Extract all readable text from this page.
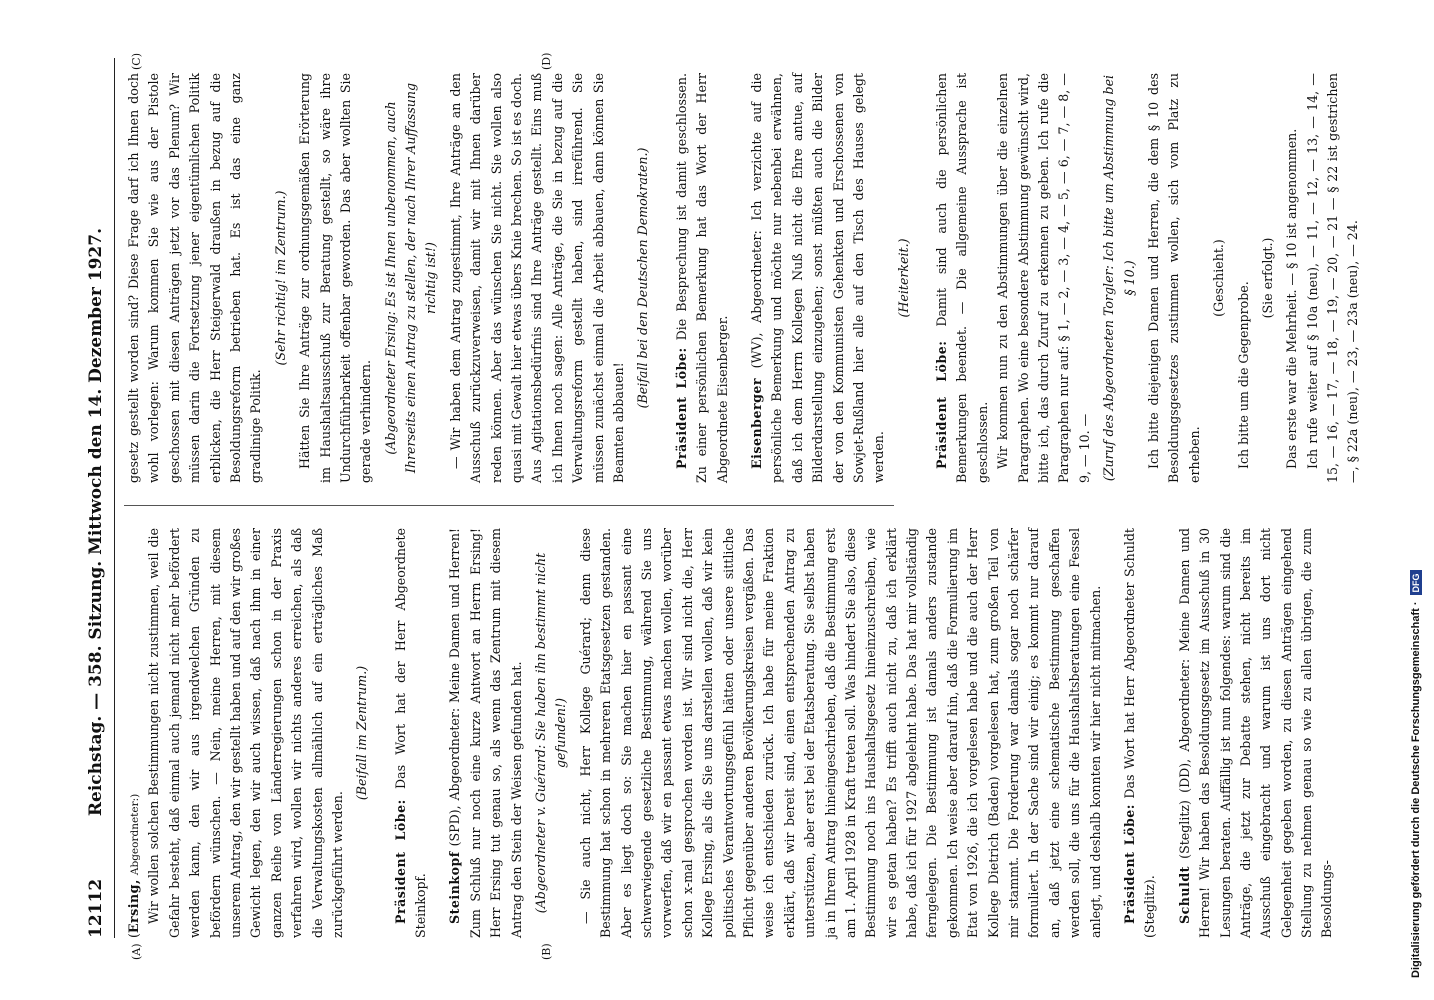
12112
Reichstag. — 358. Sitzung. Mittwoch den 14. Dezember 1927.
(A)	(B)
(C)	(D)

(Ersing, Abgeordneter:) Wir wollen solchen Bestimmungen nicht zustimmen, weil die Gefahr besteht, daß einmal auch jemand nicht mehr befördert werden kann, den wir aus irgendwelchen Gründen zu befördern wünschen. — Nein, meine Herren, mit diesem unserem Antrag, den wir gestellt haben und auf den wir großes Gewicht legen, den wir auch wissen, daß nach ihm in einer ganzen Reihe von Länderregierungen schon in der Praxis verfahren wird, wollen wir nichts anderes erreichen, als daß die Verwaltungskosten allmählich auf ein erträgliches Maß zurückgeführt werden.

(Beifall im Zentrum.)

Präsident Löbe: Das Wort hat der Herr Abgeordnete Steinkopf. Steinkopf (SPD), Abgeordneter: Meine Damen und Herren! Zum Schluß nur noch eine kurze Antwort an Herrn Ersing! Herr Ersing tut genau so, als wenn das Zentrum mit diesem Antrag den Stein der Weisen gefunden hat. (Abgeordneter v. Guérard: Sie haben ihn bestimmt nicht gefunden!) — Sie auch nicht, Herr Kollege Guérard; denn diese Bestimmung hat schon in mehreren Etatsgesetzen gestanden. Aber es liegt doch so: Sie machen hier en passant eine schwerwiegende gesetzliche Bestimmung, während Sie uns vorwerfen, daß wir en passant etwas machen wollen, worüber schon x-mal gesprochen worden ist. Wir sind nicht die, Herr Kollege Ersing, als die Sie uns darstellen wollen, daß wir kein politisches Verantwortungsgefühl hätten oder unsere sittliche Pflicht gegenüber anderen Bevölkerungskreisen vergäßen. Das weise ich entschieden zurück. Ich habe für meine Fraktion erklärt, daß wir bereit sind, einen entsprechenden Antrag zu unterstützen, aber erst bei der Etatsberatung. Sie selbst haben ja in Ihrem Antrag hineingeschrieben, daß die Bestimmung erst am 1. April 1928 in Kraft treten soll. Was hindert Sie also, diese Bestimmung noch ins Haushaltsgesetz hineinzuschreiben, wie wir es getan haben? Es trifft auch nicht zu, daß ich erklärt habe, daß ich für 1927 abgelehnt habe. Das hat mir vollständig ferngelegen. Die Bestimmung ist damals anders zustande gekommen. Ich weise aber darauf hin, daß die Formulierung im Etat von 1926, die ich vorgelesen habe und die auch der Herr Kollege Dietrich (Baden) vorgelesen hat, zum großen Teil von mir stammt. Die Forderung war damals sogar noch schärfer formuliert. In der Sache sind wir einig; es kommt nur darauf an, daß jetzt eine schematische Bestimmung geschaffen werden soll, die uns für die Haushaltsberatungen eine Fessel anlegt, und deshalb konnten wir hier nicht mitmachen. Präsident Löbe: Das Wort hat Herr Abgeordneter Schuldt (Steglitz). Schuldt (Steglitz) (DD), Abgeordneter: Meine Damen und Herren! Wir haben das Besoldungsgesetz im Ausschuß in 30 Lesungen beraten. Auffällig ist nun folgendes: warum sind die Anträge, die jetzt zur Debatte stehen, nicht bereits im Ausschuß eingebracht und warum ist uns dort nicht Gelegenheit gegeben worden, zu diesen Anträgen eingehend Stellung zu nehmen genau so wie zu allen übrigen, die zum Besoldungs-

gesetz gestellt worden sind? Diese Frage darf ich Ihnen doch wohl vorlegen: Warum kommen Sie wie aus der Pistole geschossen mit diesen Anträgen jetzt vor das Plenum? Wir müssen darin die Fortsetzung jener eigentümlichen Politik erblicken, die Herr Steigerwald draußen in bezug auf die Besoldungsreform betrieben hat. Es ist das eine ganz gradlinige Politik.

(Sehr richtig! im Zentrum.) Hätten Sie Ihre Anträge zur ordnungsgemäßen Erörterung im Haushaltsausschuß zur Beratung gestellt, so wäre ihre Undurchführbarkeit offenbar geworden. Das aber wollten Sie gerade verhindern. (Abgeordneter Ersing: Es ist Ihnen unbenommen, auch Ihrerseits einen Antrag zu stellen, der nach Ihrer Auffassung richtig ist!) — Wir haben dem Antrag zugestimmt, Ihre Anträge an den Ausschuß zurückzuverweisen, damit wir mit Ihnen darüber reden können. Aber das wünschen Sie nicht. Sie wollen also quasi mit Gewalt hier etwas übers Knie brechen. So ist es doch. Aus Agitationsbedürfnis sind Ihre Anträge gestellt. Eins muß ich Ihnen noch sagen: Alle Anträge, die Sie in bezug auf die Verwaltungsreform gestellt haben, sind irreführend. Sie müssen zunächst einmal die Arbeit abbauen, dann können Sie Beamten abbauen!

(Beifall bei den Deutschen Demokraten.) Präsident Löbe: Die Besprechung ist damit geschlossen. Zu einer persönlichen Bemerkung hat das Wort der Herr Abgeordnete Eisenberger. Eisenberger (WV), Abgeordneter: Ich verzichte auf die persönliche Bemerkung und möchte nur nebenbei erwähnen, daß ich dem Herrn Kollegen Nuß nicht die Ehre antue, auf Bilderdarstellung einzugehen; sonst müßten auch die Bilder der von den Kommunisten Gehenkten und Erschossenen von Sowjet-Rußland hier alle auf den Tisch des Hauses gelegt werden.

(Heiterkeit.)

Präsident Löbe: Damit sind auch die persönlichen Bemerkungen beendet. — Die allgemeine Aussprache ist geschlossen. Wir kommen nun zu den Abstimmungen über die einzelnen Paragraphen. Wo eine besondere Abstimmung gewünscht wird, bitte ich, das durch Zuruf zu erkennen zu geben. Ich rufe die Paragraphen nur auf: § 1, — 2, — 3, — 4, — 5, — 6, — 7, — 8, — 9, — 10. — (Zuruf des Abgeordneten Torgler: Ich bitte um Abstimmung bei § 10.) Ich bitte diejenigen Damen und Herren, die dem § 10 des Besoldungsgesetzes zustimmen wollen, sich vom Platz zu erheben.

(Geschieht.)

Ich bitte um die Gegenprobe.

(Sie erfolgt.) Das erste war die Mehrheit. — § 10 ist angenommen. Ich rufe weiter auf § 10a (neu), — 11, — 12, — 13, — 14, — 15, — 16, — 17, — 18, — 19, — 20, — 21 — § 22 ist gestrichen —, § 22a (neu), — 23, — 23a (neu), — 24.

Digitalisierung gefördert durch die Deutsche Forschungsgemeinschaft ·
DFG
